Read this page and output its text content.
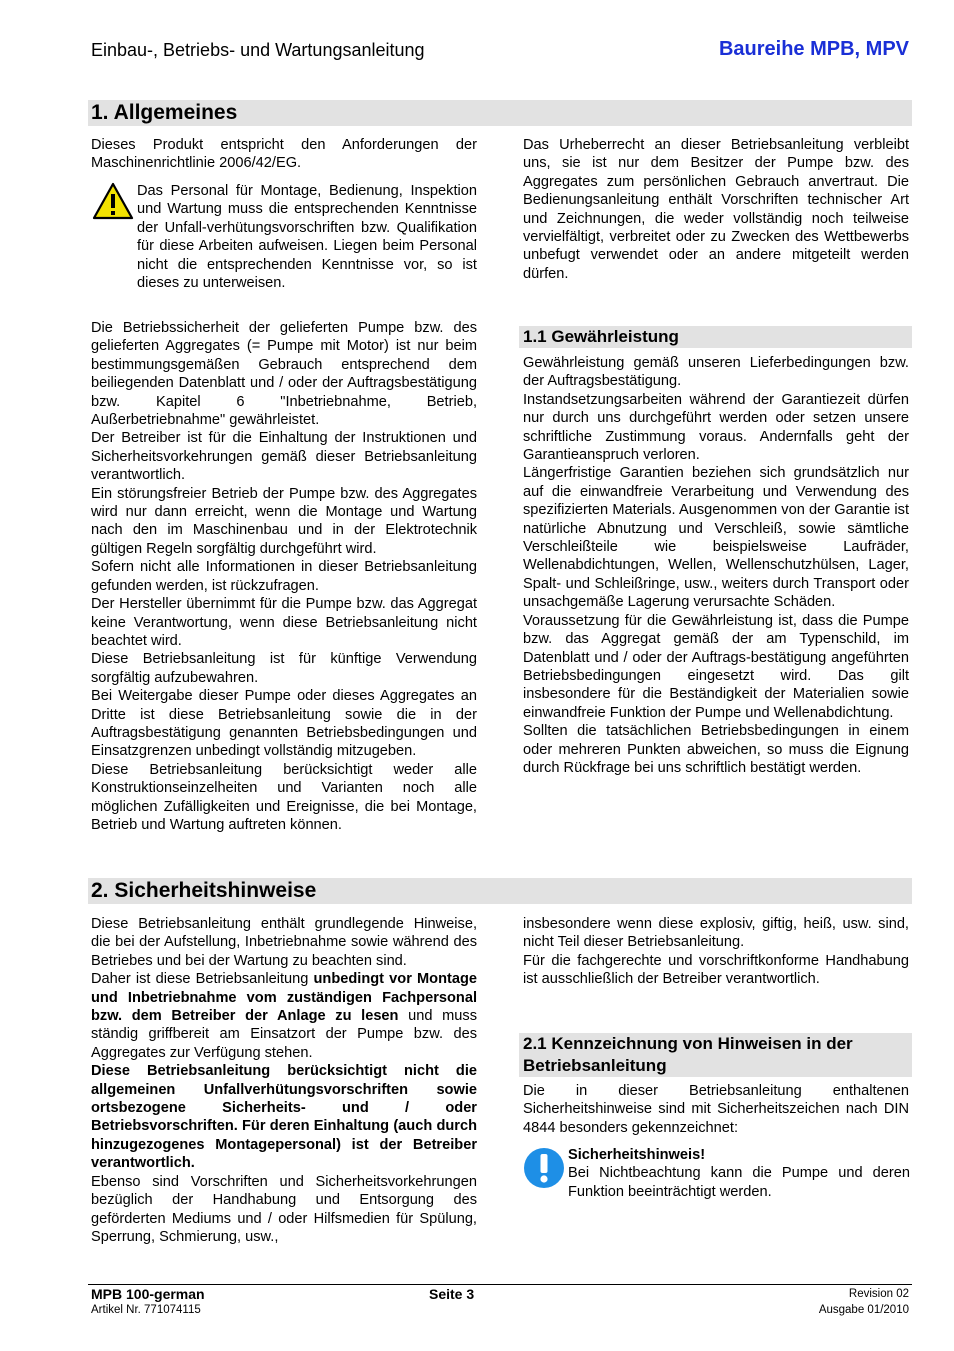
Einbau-, Betriebs- und Wartungsanleitung	Baureihe MPB, MPV
1. Allgemeines
Dieses Produkt entspricht den Anforderungen der Maschinenrichtlinie 2006/42/EG.
Das Personal für Montage, Bedienung, Inspektion und Wartung muss die entsprechenden Kenntnisse der Unfall-verhütungsvorschriften bzw. Qualifikation für diese Arbeiten aufweisen. Liegen beim Personal nicht die entsprechenden Kenntnisse vor, so ist dieses zu unterweisen.

Die Betriebssicherheit der gelieferten Pumpe bzw. des gelieferten Aggregates (= Pumpe mit Motor) ist nur beim bestimmungsgemäßen Gebrauch entsprechend dem beiliegenden Datenblatt und / oder der Auftragsbestätigung bzw. Kapitel 6 "Inbetriebnahme, Betrieb, Außerbetriebnahme" gewährleistet.

Der Betreiber ist für die Einhaltung der Instruktionen und Sicherheitsvorkehrungen gemäß dieser Betriebsanleitung verantwortlich.

Ein störungsfreier Betrieb der Pumpe bzw. des Aggregates wird nur dann erreicht, wenn die Montage und Wartung nach den im Maschinenbau und in der Elektrotechnik gültigen Regeln sorgfältig durchgeführt wird.

Sofern nicht alle Informationen in dieser Betriebsanleitung gefunden werden, ist rückzufragen.

Der Hersteller übernimmt für die Pumpe bzw. das Aggregat keine Verantwortung, wenn diese Betriebsanleitung nicht beachtet wird.

Diese Betriebsanleitung ist für künftige Verwendung sorgfältig aufzubewahren.

Bei Weitergabe dieser Pumpe oder dieses Aggregates an Dritte ist diese Betriebsanleitung sowie die in der Auftragsbestätigung genannten Betriebsbedingungen und Einsatzgrenzen unbedingt vollständig mitzugeben.

Diese Betriebsanleitung berücksichtigt weder alle Konstruktionseinzelheiten und Varianten noch alle möglichen Zufälligkeiten und Ereignisse, die bei Montage, Betrieb und Wartung auftreten können.

Das Urheberrecht an dieser Betriebsanleitung verbleibt uns, sie ist nur dem Besitzer der Pumpe bzw. des Aggregates zum persönlichen Gebrauch anvertraut. Die Bedienungsanleitung enthält Vorschriften technischer Art und Zeichnungen, die weder vollständig noch teilweise vervielfältigt, verbreitet oder zu Zwecken des Wettbewerbs unbefugt verwendet oder an andere mitgeteilt werden dürfen.
1.1 Gewährleistung

Gewährleistung gemäß unseren Lieferbedingungen bzw. der Auftragsbestätigung.

Instandsetzungsarbeiten während der Garantiezeit dürfen nur durch uns durchgeführt werden oder setzen unsere schriftliche Zustimmung voraus. Andernfalls geht der Garantieanspruch verloren.

Längerfristige Garantien beziehen sich grundsätzlich nur auf die einwandfreie Verarbeitung und Verwendung des spezifizierten Materials. Ausgenommen von der Garantie ist natürliche Abnutzung und Verschleiß, sowie sämtliche Verschleißteile wie beispielsweise Laufräder, Wellenabdichtungen, Wellen, Wellenschutzhülsen, Lager, Spalt- und Schleißringe, usw., weiters durch Transport oder unsachgemäße Lagerung verursachte Schäden.

Voraussetzung für die Gewährleistung ist, dass die Pumpe bzw. das Aggregat gemäß der am Typenschild, im Datenblatt und / oder der Auftrags-bestätigung angeführten Betriebsbedingungen eingesetzt wird. Das gilt insbesondere für die Beständigkeit der Materialien sowie einwandfreie Funktion der Pumpe und Wellenabdichtung.

Sollten die tatsächlichen Betriebsbedingungen in einem oder mehreren Punkten abweichen, so muss die Eignung durch Rückfrage bei uns schriftlich bestätigt werden.

2. Sicherheitshinweise

Diese Betriebsanleitung enthält grundlegende Hinweise, die bei der Aufstellung, Inbetriebnahme sowie während des Betriebes und bei der Wartung zu beachten sind.

Daher ist diese Betriebsanleitung unbedingt vor Montage und Inbetriebnahme vom zuständigen Fachpersonal bzw. dem Betreiber der Anlage zu lesen und muss ständig griffbereit am Einsatzort der Pumpe bzw. des Aggregates zur Verfügung stehen.

Diese Betriebsanleitung berücksichtigt nicht die allgemeinen Unfallverhütungsvorschriften sowie ortsbezogene Sicherheits- und / oder Betriebsvorschriften. Für deren Einhaltung (auch durch hinzugezogenes Montagepersonal) ist der Betreiber verantwortlich.

Ebenso sind Vorschriften und Sicherheitsvorkehrungen bezüglich der Handhabung und Entsorgung des geförderten Mediums und / oder Hilfsmedien für Spülung, Sperrung, Schmierung, usw.,

insbesondere wenn diese explosiv, giftig, heiß, usw. sind, nicht Teil dieser Betriebsanleitung.

Für die fachgerechte und vorschriftkonforme Handhabung ist ausschließlich der Betreiber verantwortlich.

2.1 Kennzeichnung von Hinweisen in der Betriebsanleitung
Die in dieser Betriebsanleitung enthaltenen Sicherheitshinweise sind mit Sicherheitszeichen nach DIN 4844 besonders gekennzeichnet:
Sicherheitshinweis!
Bei Nichtbeachtung kann die Pumpe und deren Funktion beeinträchtigt werden.
MPB 100-german
Artikel Nr. 771074115
Seite 3	Revision 02
Ausgabe 01/2010
